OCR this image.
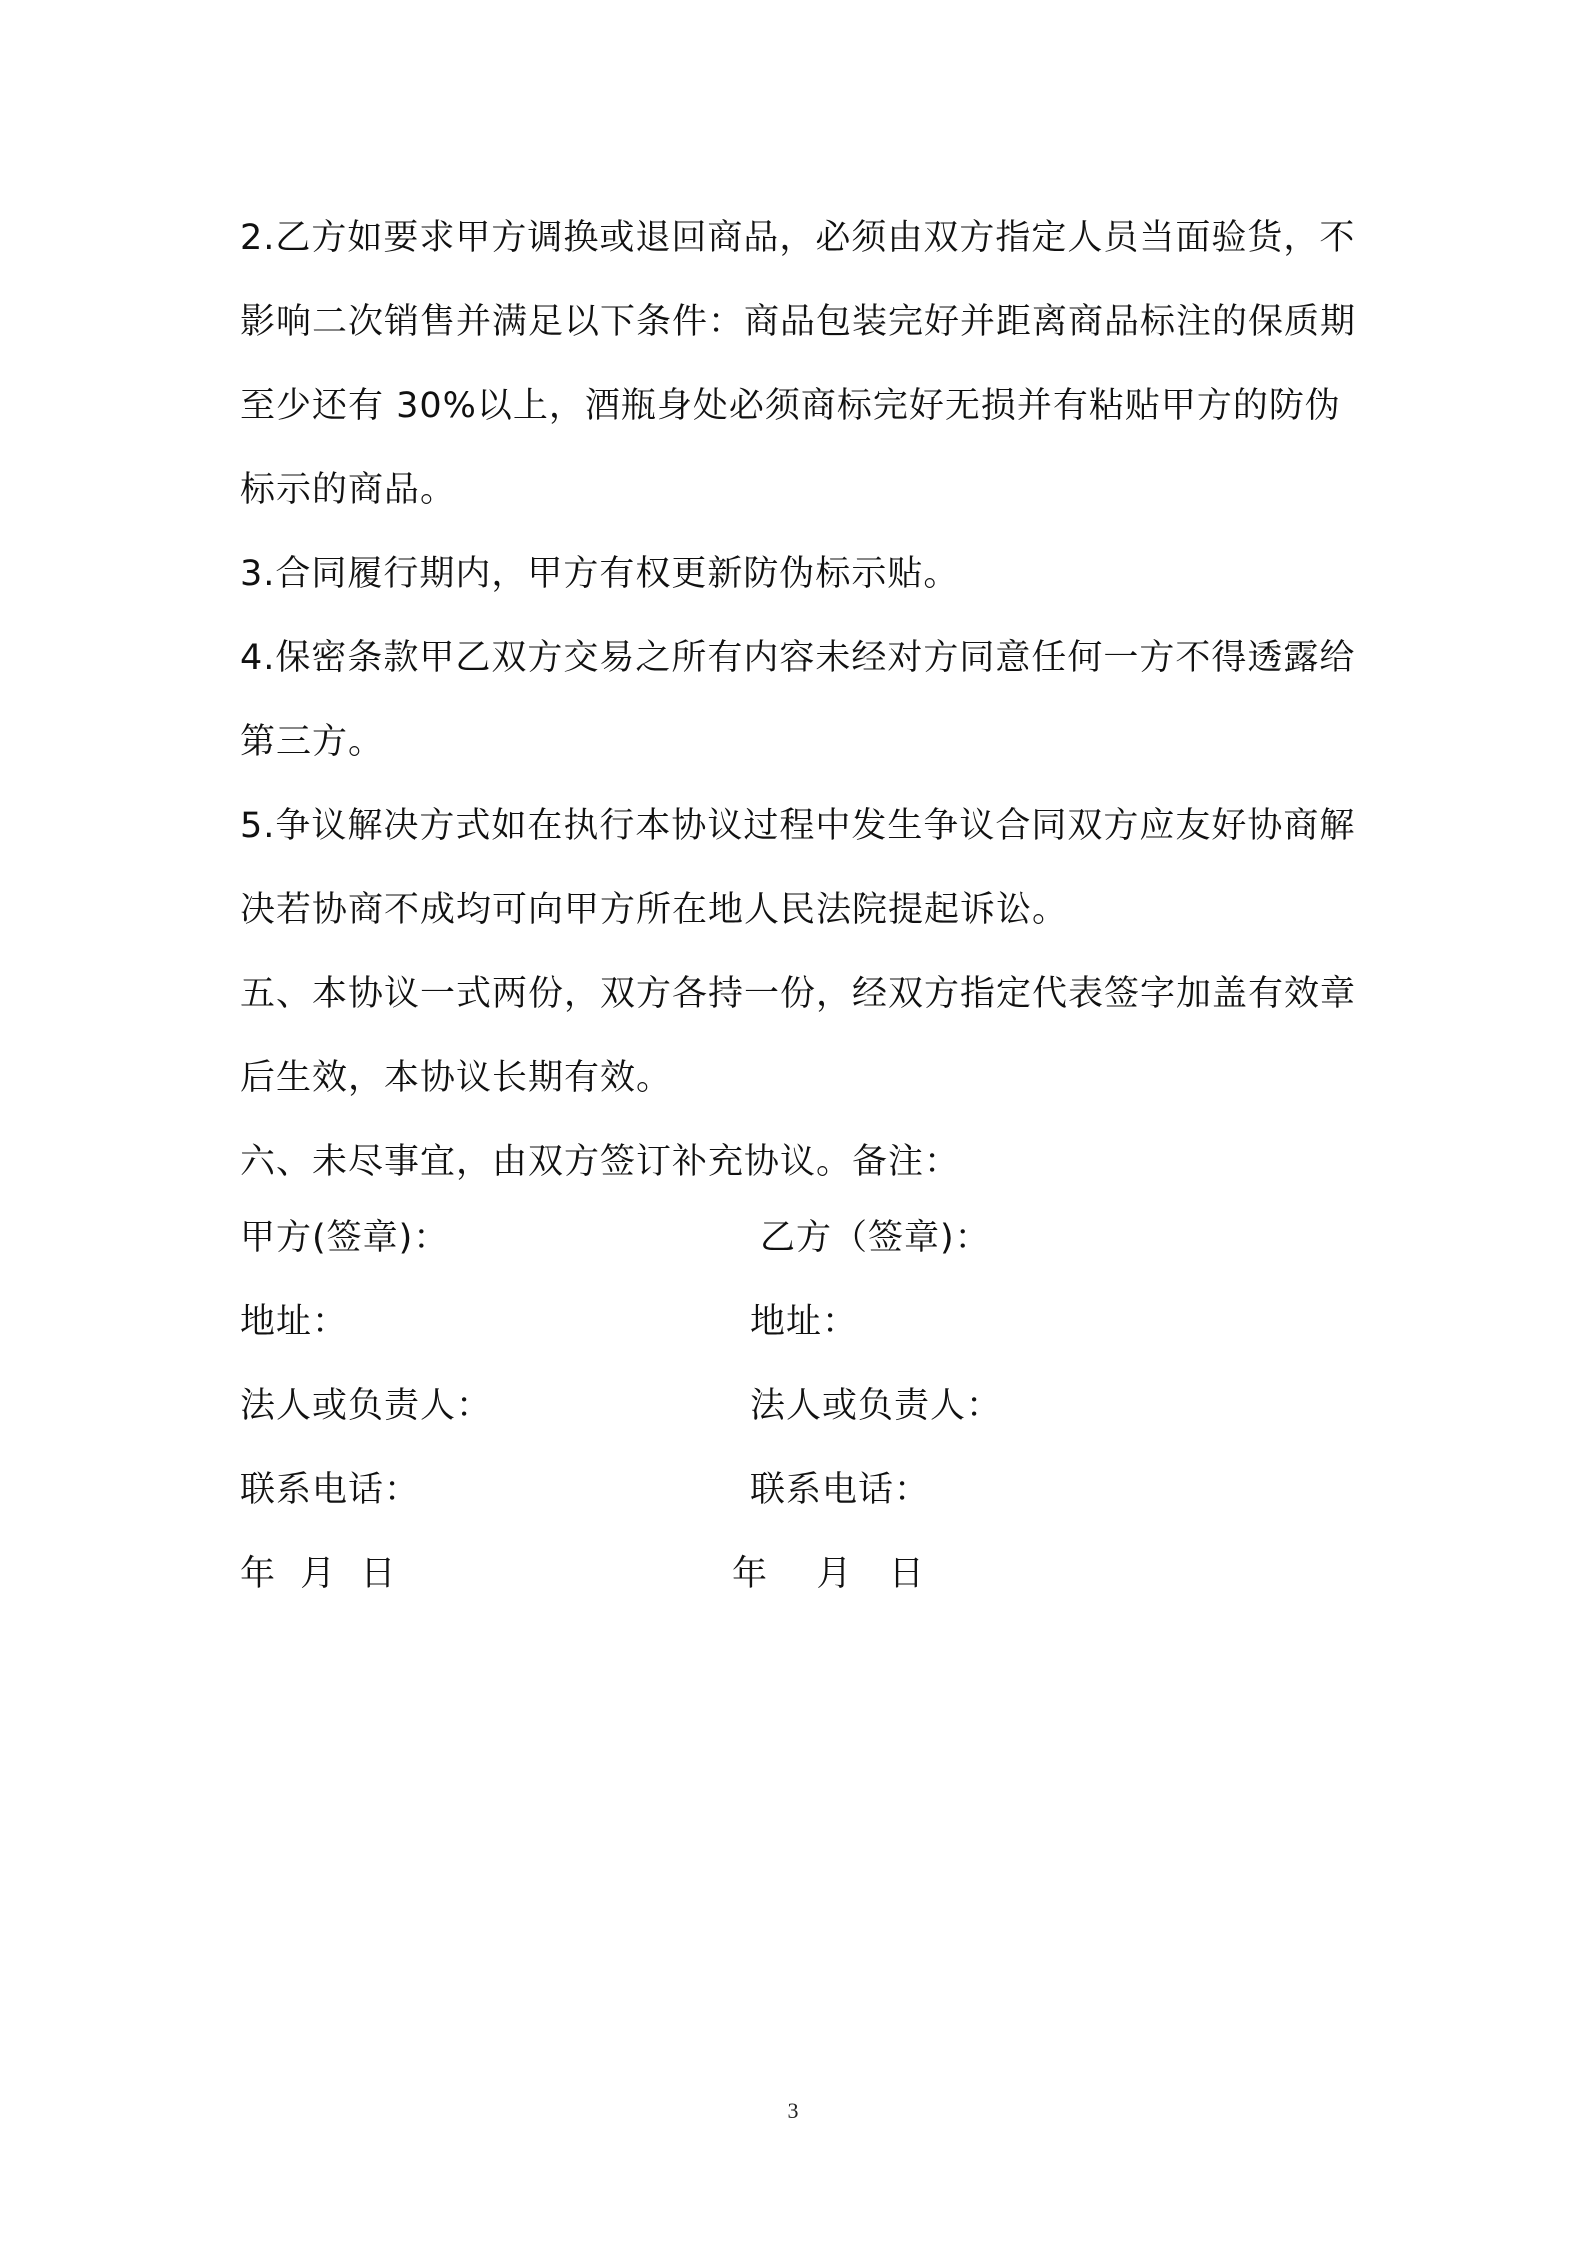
2.乙方如要求甲方调换或退回商品，必须由双方指定人员当面验货，不影响二次销售并满足以下条件：商品包装完好并距离商品标注的保质期至少还有 30%以上，酒瓶身处必须商标完好无损并有粘贴甲方的防伪标示的商品。

3.合同履行期内，甲方有权更新防伪标示贴。

4.保密条款甲乙双方交易之所有内容未经对方同意任何一方不得透露给第三方。

5.争议解决方式如在执行本协议过程中发生争议合同双方应友好协商解决若协商不成均可向甲方所在地人民法院提起诉讼。

五、本协议一式两份，双方各持一份，经双方指定代表签字加盖有效章后生效，本协议长期有效。

六、未尽事宜，由双方签订补充协议。备注：

甲方(签章)：	乙方（签章)：
地址：	地址：
法人或负责人：	法人或负责人：
联系电话：	联系电话：
年  月  日	年    月   日
3
